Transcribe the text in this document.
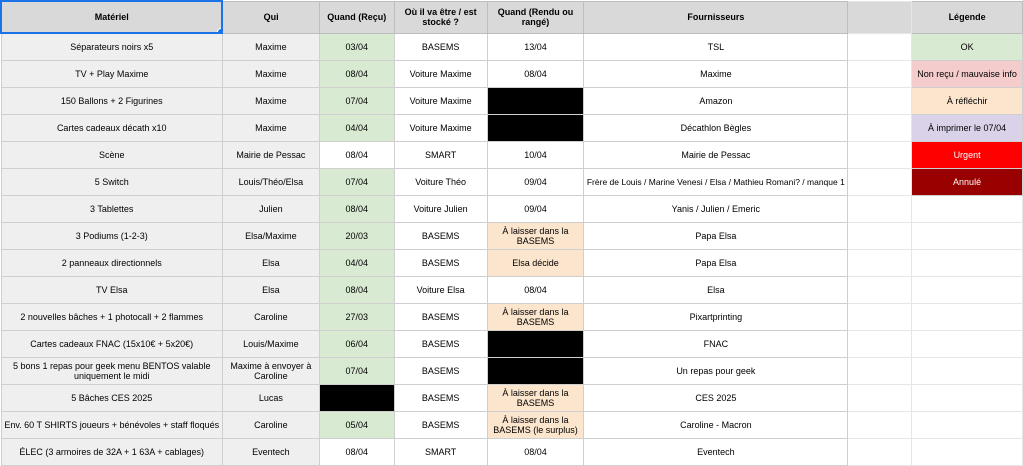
Matériel	Qui	Quand (Reçu)	Où il va être / est stocké ?	Quand (Rendu ou rangé)	Fournisseurs		Légende
Séparateurs noirs x5	Maxime	03/04	BASEMS	13/04	TSL		OK
TV + Play Maxime	Maxime	08/04	Voiture Maxime	08/04	Maxime		Non reçu / mauvaise info
150 Ballons + 2 Figurines	Maxime	07/04	Voiture Maxime		Amazon		À réfléchir
Cartes cadeaux décath x10	Maxime	04/04	Voiture Maxime		Décathlon Bègles		À imprimer le 07/04
Scène	Mairie de Pessac	08/04	SMART	10/04	Mairie de Pessac		Urgent
5 Switch	Louis/Théo/Elsa	07/04	Voiture Théo	09/04	Frère de Louis / Marine Venesi / Elsa / Mathieu Romani? / manque 1		Annulé
3 Tablettes	Julien	08/04	Voiture Julien	09/04	Yanis / Julien / Emeric		
3 Podiums (1-2-3)	Elsa/Maxime	20/03	BASEMS	À laisser dans la BASEMS	Papa Elsa		
2 panneaux directionnels	Elsa	04/04	BASEMS	Elsa décide	Papa Elsa		
TV Elsa	Elsa	08/04	Voiture Elsa	08/04	Elsa		
2 nouvelles bâches + 1 photocall + 2 flammes	Caroline	27/03	BASEMS	À laisser dans la BASEMS	Pixartprinting		
Cartes cadeaux FNAC (15x10€ + 5x20€)	Louis/Maxime	06/04	BASEMS		FNAC		
5 bons 1 repas pour geek menu BENTOS valable uniquement le midi	Maxime à envoyer à Caroline	07/04	BASEMS		Un repas pour geek		
5 Bâches CES 2025	Lucas		BASEMS	À laisser dans la BASEMS	CES 2025		
Env. 60 T SHIRTS joueurs + bénévoles + staff floqués	Caroline	05/04	BASEMS	À laisser dans la BASEMS (le surplus)	Caroline - Macron		
ÉLEC (3 armoires de 32A + 1 63A + cablages)	Eventech	08/04	SMART	08/04	Eventech		
